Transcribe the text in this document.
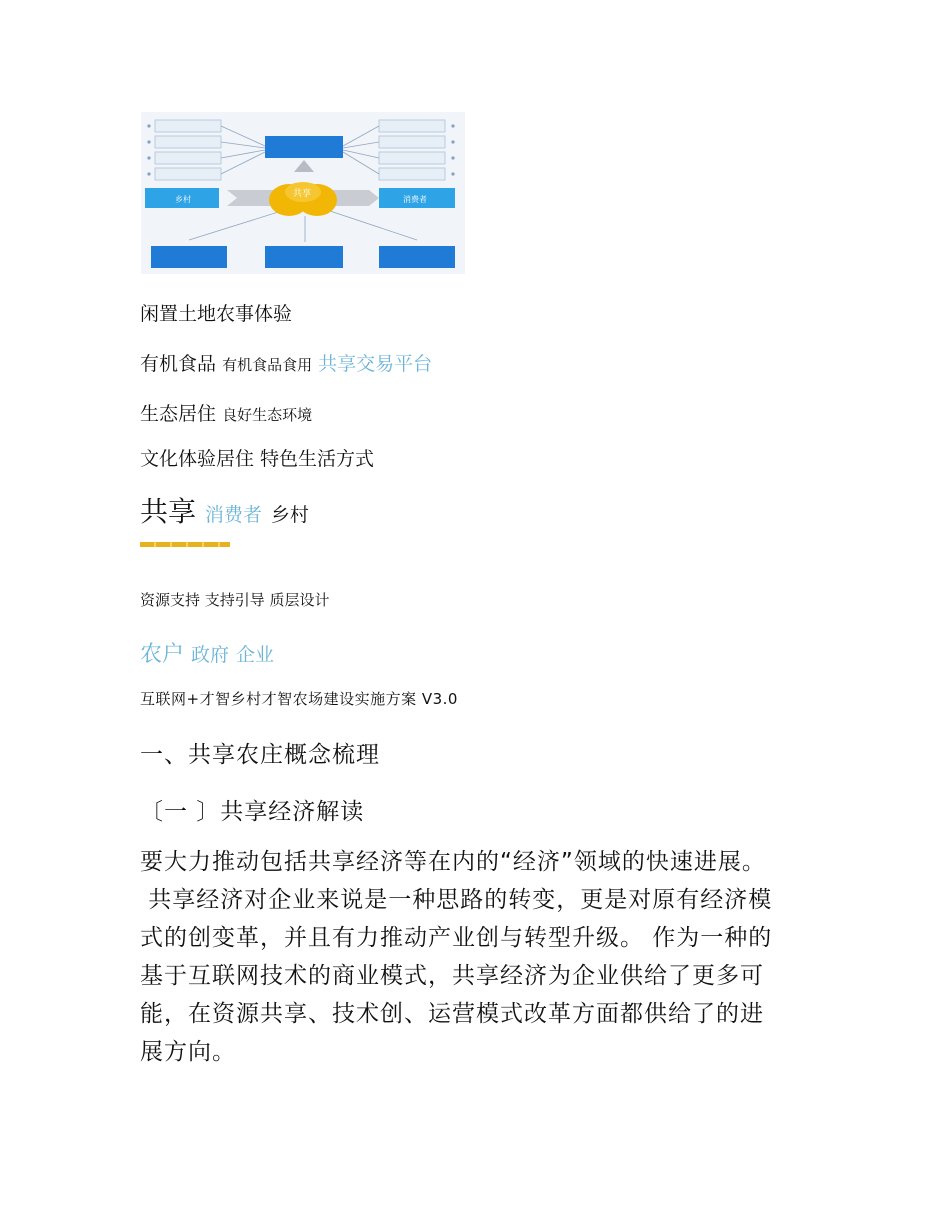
乡村	消费者
共享
闲置土地农事体验
有机食品 有机食品食用 共享交易平台
生态居住 良好生态环境
文化体验居住 特色生活方式
共享 消费者 乡村
资源支持 支持引导 质层设计
农户 政府 企业
互联网+才智乡村才智农场建设实施方案 V3.0
一、共享农庄概念梳理
〔一 〕共享经济解读
要大力推动包括共享经济等在内的“经济”领域的快速进展。
共享经济对企业来说是一种思路的转变，更是对原有经济模
式的创变革，并且有力推动产业创与转型升级。 作为一种的
基于互联网技术的商业模式，共享经济为企业供给了更多可
能，在资源共享、技术创、运营模式改革方面都供给了的进
展方向。
